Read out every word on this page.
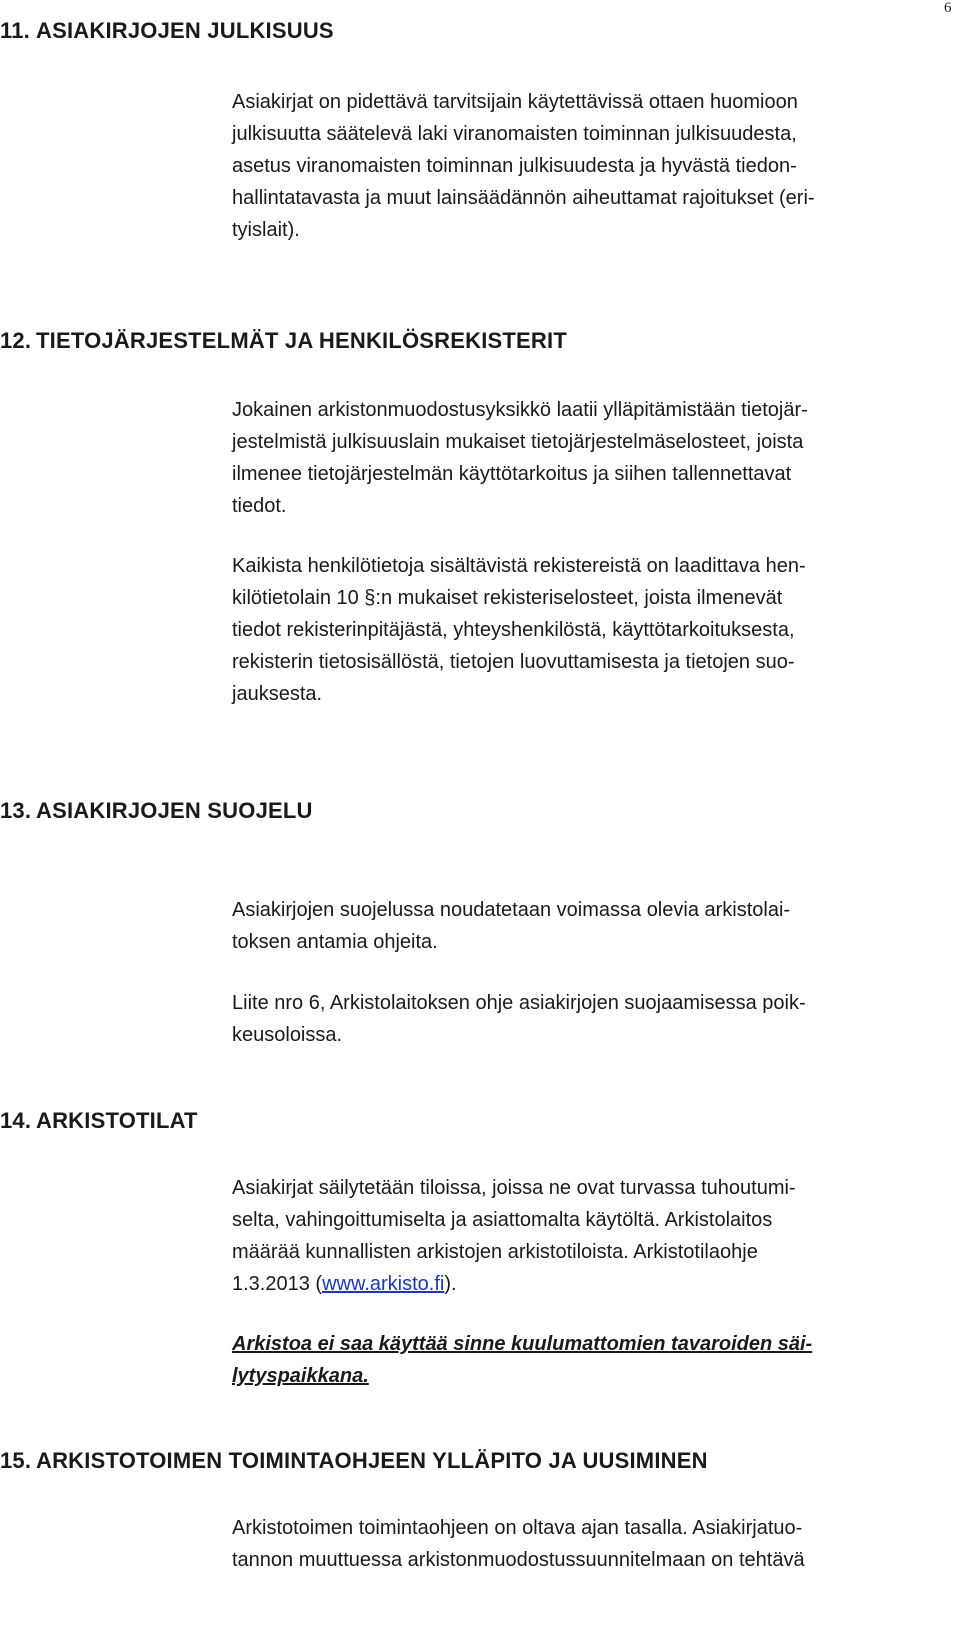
6
11. ASIAKIRJOJEN JULKISUUS
Asiakirjat on pidettävä tarvitsijain käytettävissä ottaen huomioon
julkisuutta säätelevä laki viranomaisten toiminnan julkisuudesta,
asetus viranomaisten toiminnan julkisuudesta ja hyvästä tiedon-
hallintatavasta ja muut lainsäädännön aiheuttamat rajoitukset (eri-
tyislait).
12. TIETOJÄRJESTELMÄT JA HENKILÖSREKISTERIT
Jokainen arkistonmuodostusyksikkö laatii ylläpitämistään tietojär-
jestelmistä julkisuuslain mukaiset tietojärjestelmäselosteet, joista
ilmenee tietojärjestelmän käyttötarkoitus ja siihen tallennettavat
tiedot.
Kaikista henkilötietoja sisältävistä rekistereistä on laadittava hen-
kilötietolain 10 §:n mukaiset rekisteriselosteet, joista ilmenevät
tiedot rekisterinpitäjästä, yhteyshenkilöstä, käyttötarkoituksesta,
rekisterin tietosisällöstä, tietojen luovuttamisesta ja tietojen suo-
jauksesta.
13. ASIAKIRJOJEN SUOJELU
Asiakirjojen suojelussa noudatetaan voimassa olevia arkistolai-
toksen antamia ohjeita.
Liite nro 6, Arkistolaitoksen ohje asiakirjojen suojaamisessa poik-
keusoloissa.
14. ARKISTOTILAT
Asiakirjat säilytetään tiloissa, joissa ne ovat turvassa tuhoutumi-
selta, vahingoittumiselta ja asiattomalta käytöltä. Arkistolaitos
määrää kunnallisten arkistojen arkistotiloista. Arkistotilaohje
1.3.2013 (www.arkisto.fi).
Arkistoa ei saa käyttää sinne kuulumattomien tavaroiden säi-
lytyspaikkana.
15. ARKISTOTOIMEN TOIMINTAOHJEEN YLLÄPITO JA UUSIMINEN
Arkistotoimen toimintaohjeen on oltava ajan tasalla. Asiakirjatuo-
tannon muuttuessa arkistonmuodostussuunnitelmaan on tehtävä
